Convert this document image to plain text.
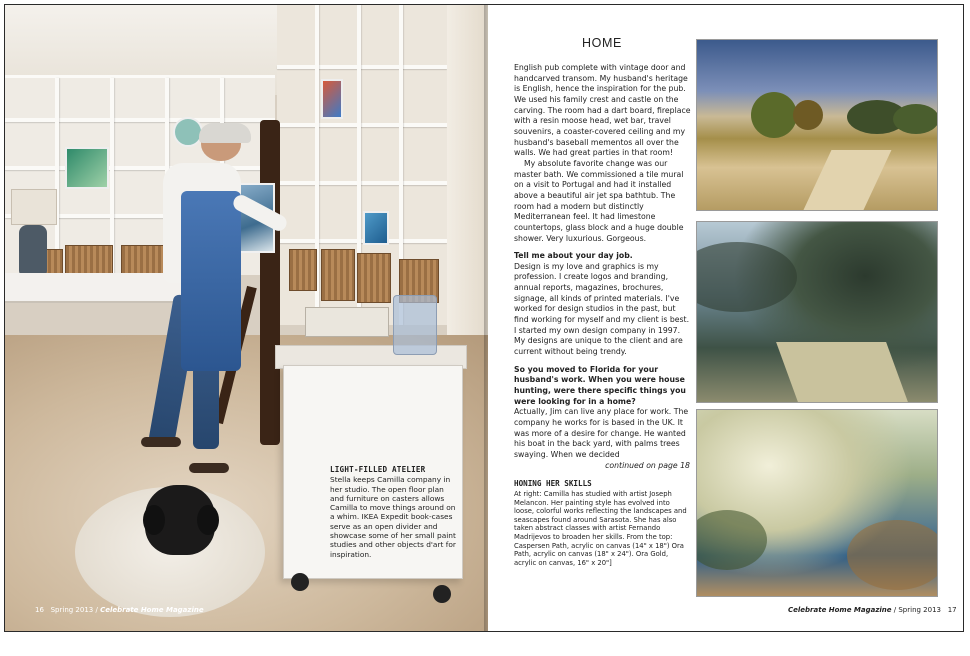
LIGHT-FILLED ATELIER

Stella keeps Camilla company in her studio. The open floor plan and furniture on casters allows Camilla to move things around on a whim. IKEA Expedit book-cases serve as an open divider and showcase some of her small paint studies and other objects d'art for inspiration.

16 Spring 2013 / Celebrate Home Magazine
HOME

English pub complete with vintage door and handcarved transom. My husband's heritage is English, hence the inspiration for the pub. We used his family crest and castle on the carving. The room had a dart board, fireplace with a resin moose head, wet bar, travel souvenirs, a coaster-covered ceiling and my husband's baseball mementos all over the walls. We had great parties in that room!

My absolute favorite change was our master bath. We commissioned a tile mural on a visit to Portugal and had it installed above a beautiful air jet spa bathtub. The room had a modern but distinctly Mediterranean feel. It had limestone countertops, glass block and a huge double shower. Very luxurious. Gorgeous.

Tell me about your day job.

Design is my love and graphics is my profession. I create logos and branding, annual reports, magazines, brochures, signage, all kinds of printed materials. I've worked for design studios in the past, but find working for myself and my client is best. I started my own design company in 1997. My designs are unique to the client and are current without being trendy.

So you moved to Florida for your husband's work. When you were house hunting, were there specific things you were looking for in a home?

Actually, Jim can live any place for work. The company he works for is based in the UK. It was more of a desire for change. He wanted his boat in the back yard, with palms trees swaying. When we decided

continued on page 18

HONING HER SKILLS

At right: Camilla has studied with artist Joseph Melancon. Her painting style has evolved into loose, colorful works reflecting the landscapes and seascapes found around Sarasota. She has also taken abstract classes with artist Fernando Madrijevos to broaden her skills. From the top: Caspersen Path, acrylic on canvas (14" x 18") Ora Path, acrylic on canvas (18" x 24"). Ora Gold, acrylic on canvas, 16" x 20"]

Celebrate Home Magazine / Spring 2013 17
